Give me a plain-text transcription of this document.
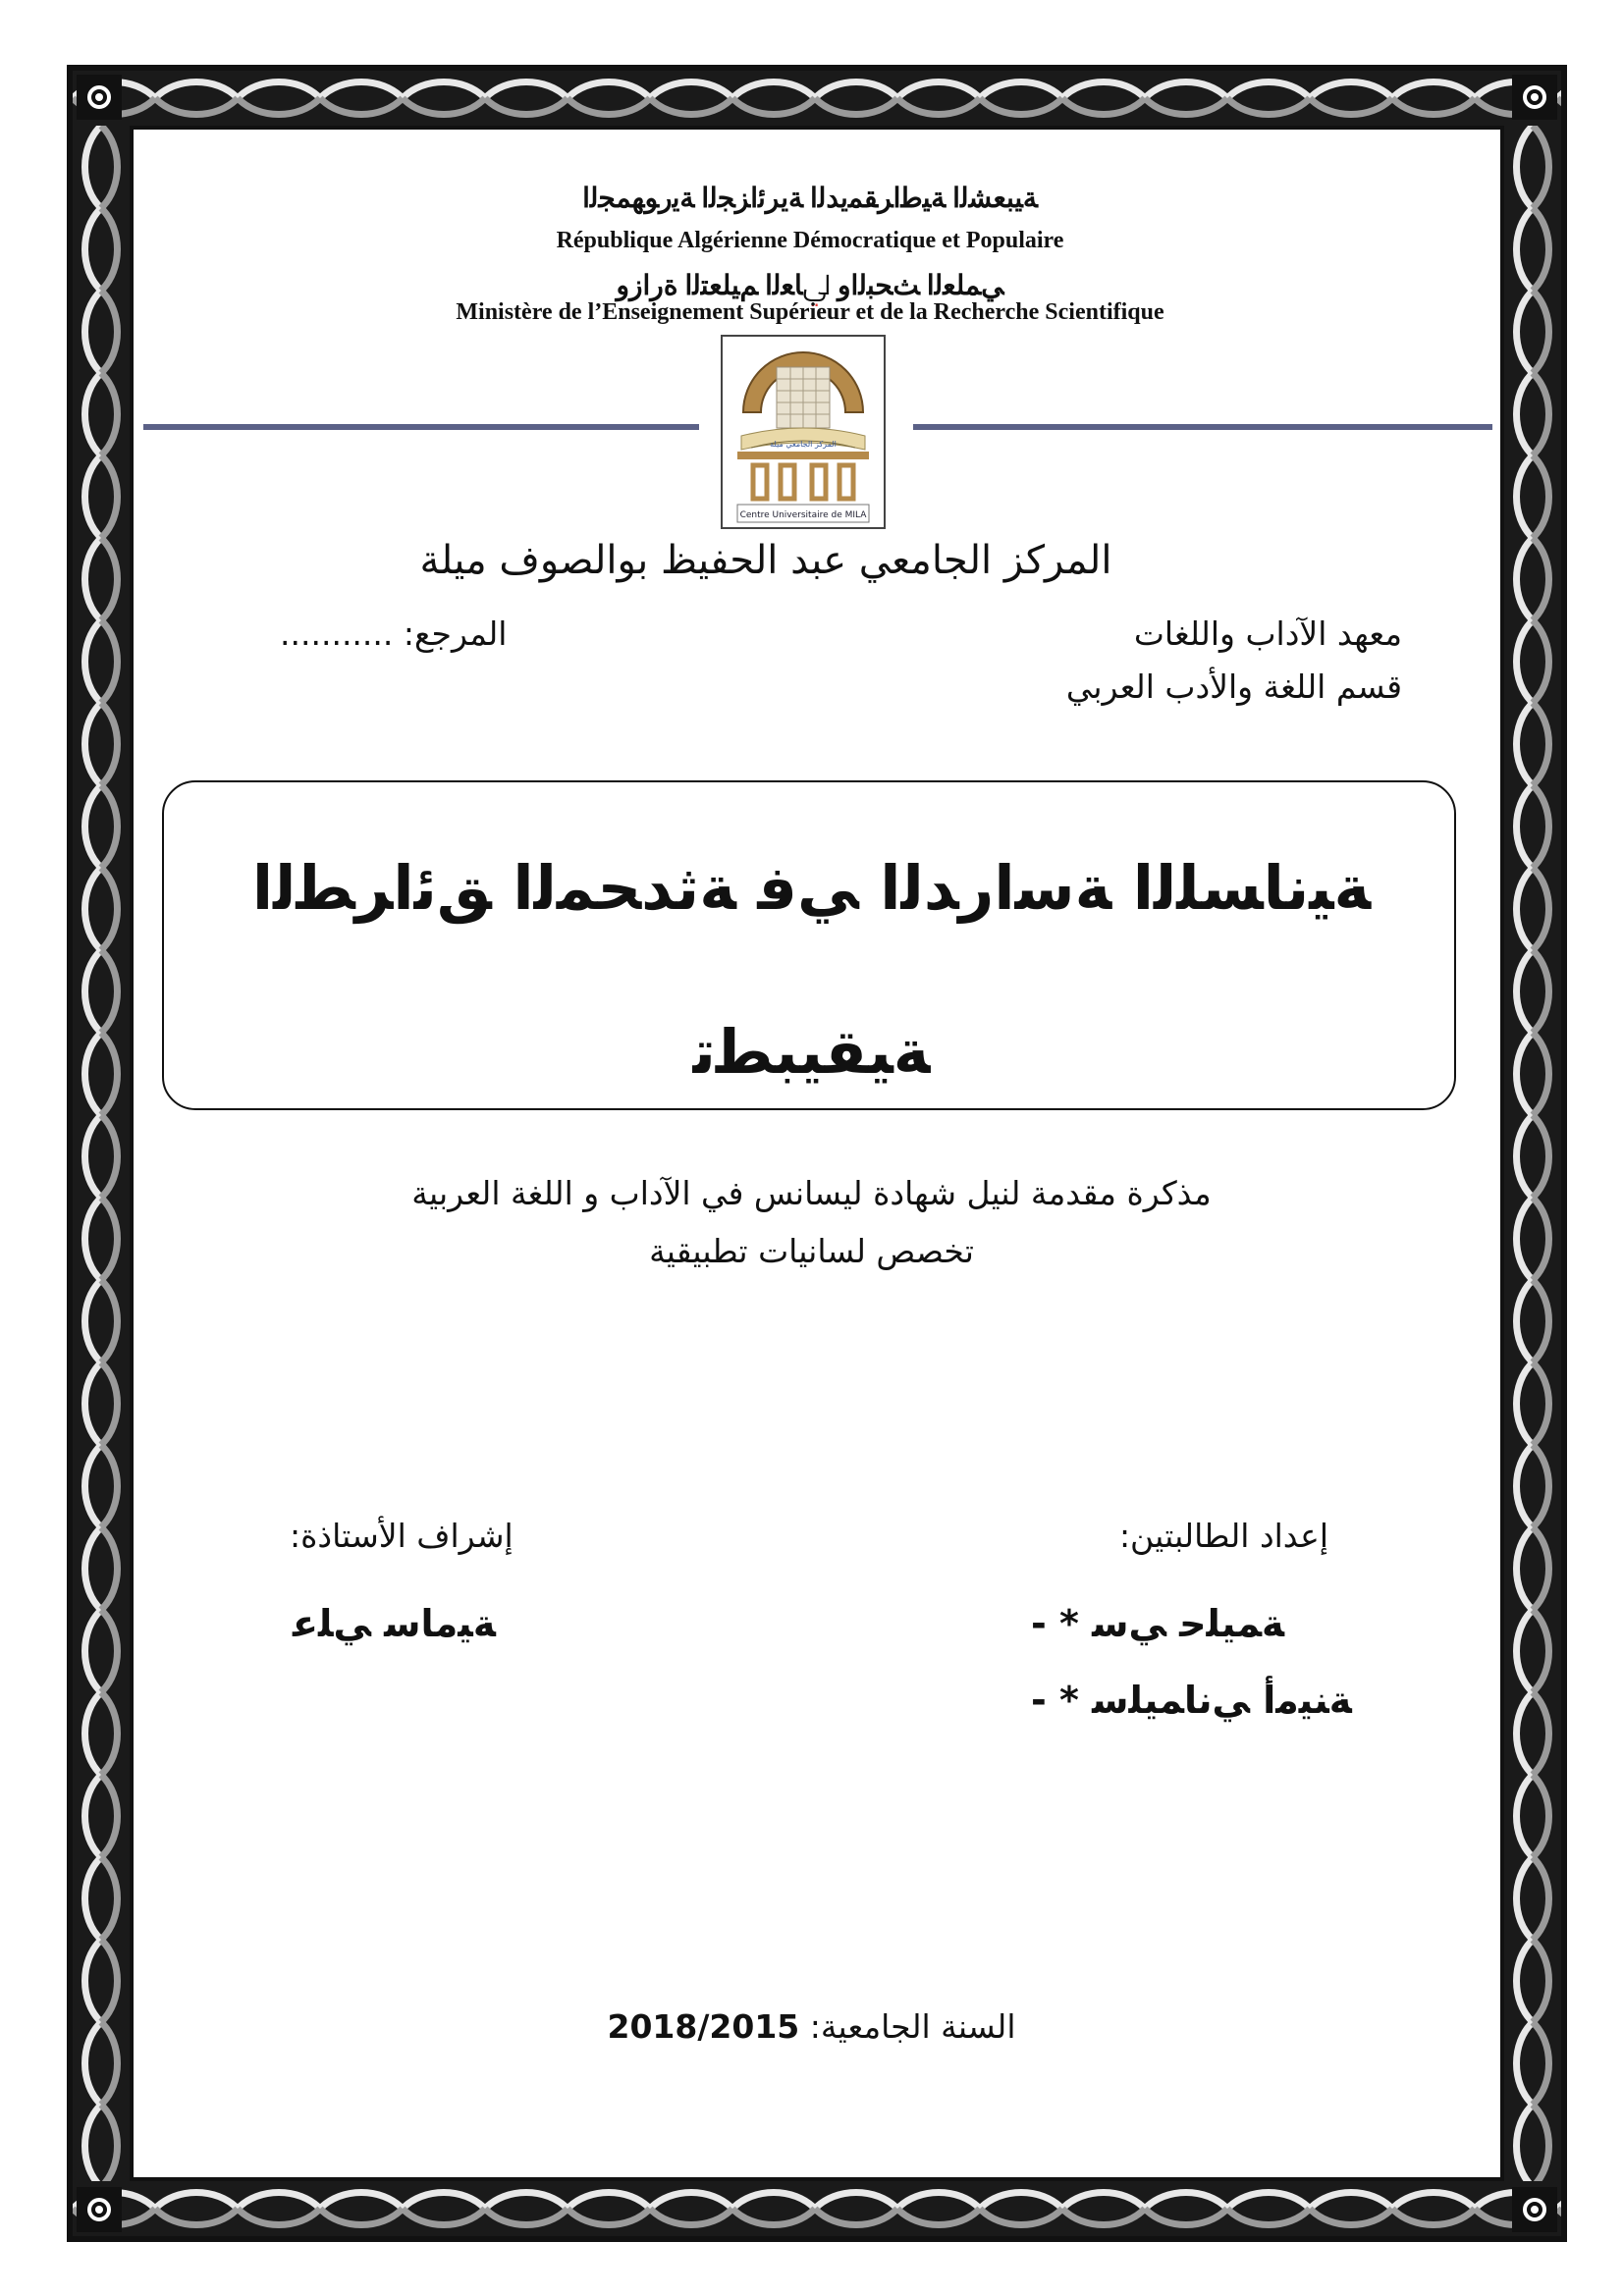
ﺔﻴﺒﻌﺸﻟا ﺔﻴﻃاﺮﻘﻤﻳﺪﻟا ﺔﻳﺮﺋاﺰﺠﻟا ﺔﻳرﻮﻬﻤﺠﻟا
République Algérienne Démocratique et Populaire
ﻲﻤﻠﻌﻟا ﺚﺤﺒﻟاو ﱄﺎﻌﻟا ﻢﻴﻠﻌﺘﻟا ةرازو
Ministère de l’Enseignement Supérieur et de la Recherche Scientifique
المركز الجامعي ميلة
Centre Universitaire de MILA
المركز الجامعي عبد الحفيظ بوالصوف ميلة
معهد الآداب واللغات
قسم اللغة والأدب العربي
المرجع: ...........
ﺔﻴﻧﺎﺴﻠﻟا ﺔﺳارﺪﻟا ﻲﻓ ﺔﺛﺪﺤﻤﻟا ﻖﺋاﺮﻄﻟا
ﺔﻴﻘﻴﺒﻄﺗ
مذكرة مقدمة لنيل شهادة ليسانس في الآداب و اللغة العربية
تخصص لسانيات تطبيقية
إعداد الطالبتين:
إشراف الأستاذة:
- * ﺔﻤﻴﻠﺣ ﻲﺳ
- * ﺔﻨﻴﻣأ ﻲﻧﺎﻤﻴﻠﺳ
ﺔﻴﻣﺎﺳ ﻲﻠﻋ
السنة الجامعية: 2018/2015
